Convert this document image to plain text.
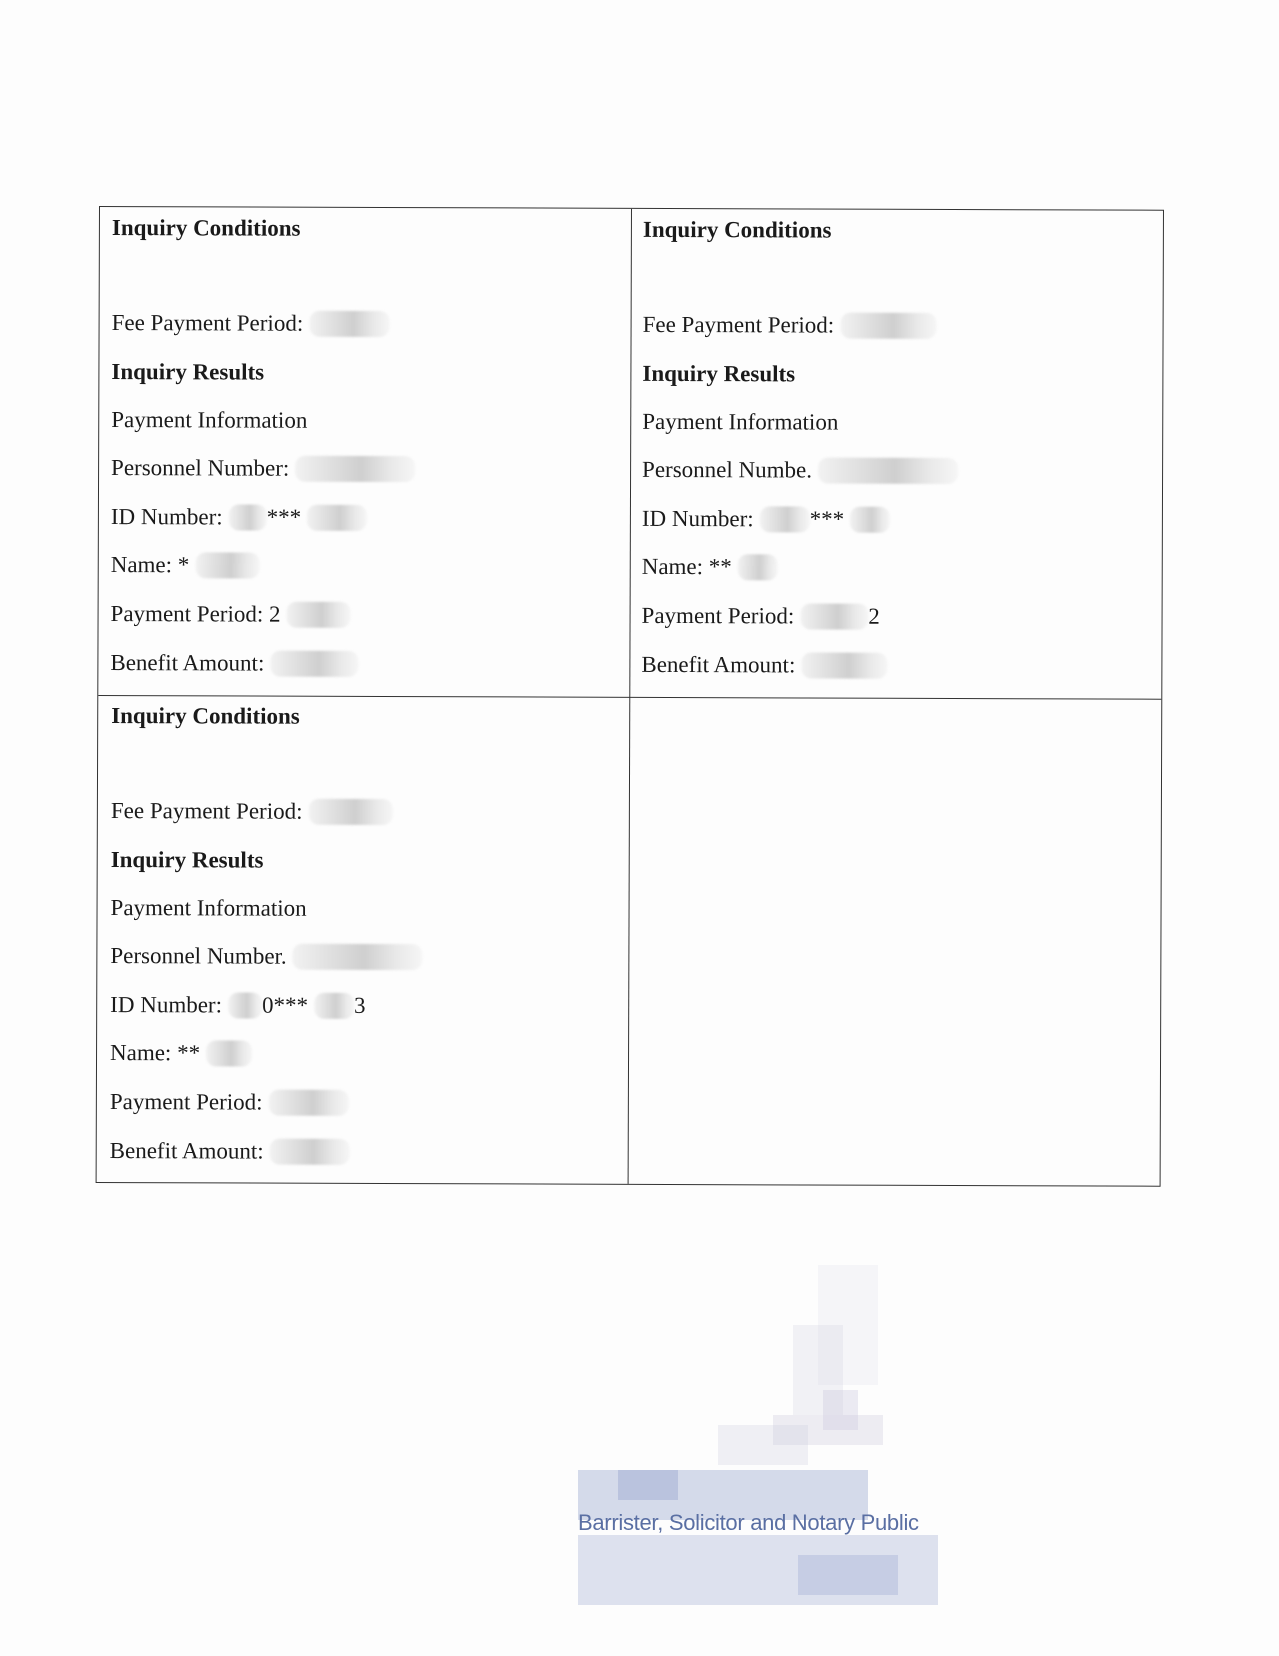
Inquiry Conditions
Fee Payment Period:
Inquiry Results
Payment Information
Personnel Number:
ID Number: ***
Name: *
Payment Period: 2
Benefit Amount:
Inquiry Conditions
Fee Payment Period:
Inquiry Results
Payment Information
Personnel Numbe.
ID Number: ***
Name: **
Payment Period:	2
Benefit Amount:
Inquiry Conditions
Fee Payment Period:
Inquiry Results
Payment Information
Personnel Number.
ID Number: 0*** 3
Name: **
Payment Period:
Benefit Amount:
Barrister, Solicitor and Notary Public
